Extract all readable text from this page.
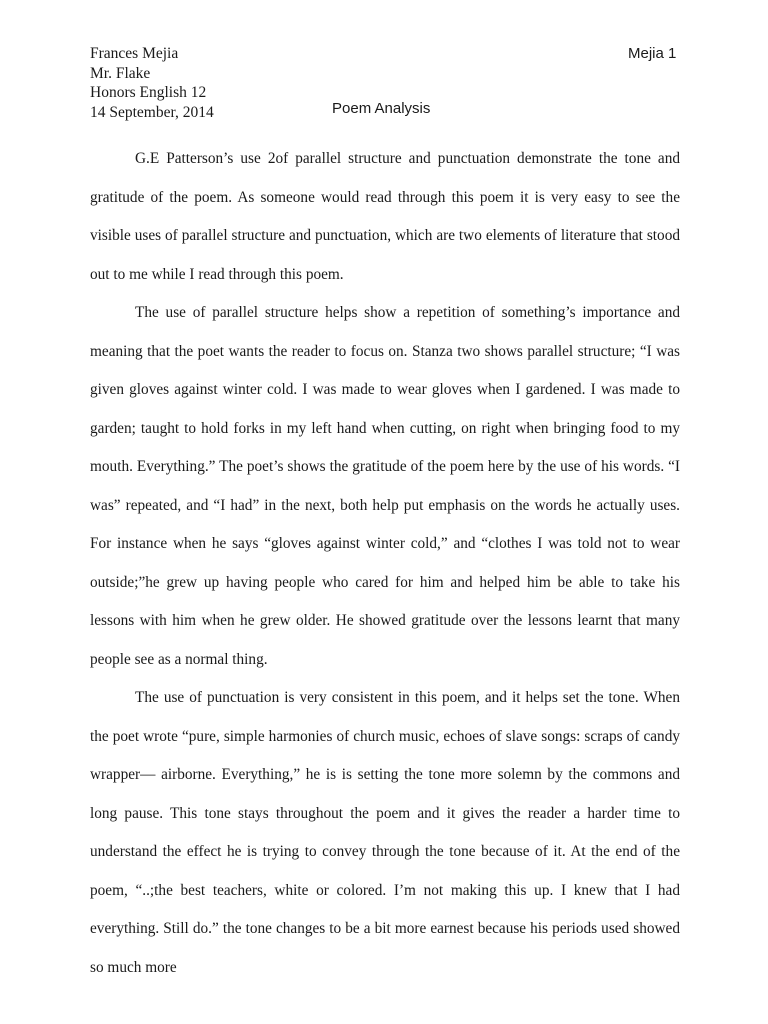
Frances Mejia
Mr. Flake
Honors English 12
14 September, 2014
Mejia 1
Poem Analysis

G.E Patterson’s use 2of parallel structure and punctuation demonstrate the tone and gratitude of the poem. As someone would read through this poem it is very easy to see the visible uses of parallel structure and punctuation, which are two elements of literature that stood out to me while I read through this poem.

The use of parallel structure helps show a repetition of something’s importance and meaning that the poet wants the reader to focus on. Stanza two shows parallel structure; “I was given gloves against winter cold. I was made to wear gloves when I gardened. I was made to garden; taught to hold forks in my left hand when cutting, on right when bringing food to my mouth. Everything.” The poet’s shows the gratitude of the poem here by the use of his words. “I was” repeated, and “I had” in the next, both help put emphasis on the words he actually uses. For instance when he says “gloves against winter cold,” and “clothes I was told not to wear outside;”he grew up having people who cared for him and helped him be able to take his lessons with him when he grew older. He showed gratitude over the lessons learnt that many people see as a normal thing.

The use of punctuation is very consistent in this poem, and it helps set the tone. When the poet wrote “pure, simple harmonies of church music, echoes of slave songs: scraps of candy wrapper— airborne. Everything,” he is is setting the tone more solemn by the commons and long pause. This tone stays throughout the poem and it gives the reader a harder time to understand the effect he is trying to convey through the tone because of it. At the end of the poem, “..;the best teachers, white or colored. I’m not making this up. I knew that I had everything. Still do.” the tone changes to be a bit more earnest because his periods used showed so much more
